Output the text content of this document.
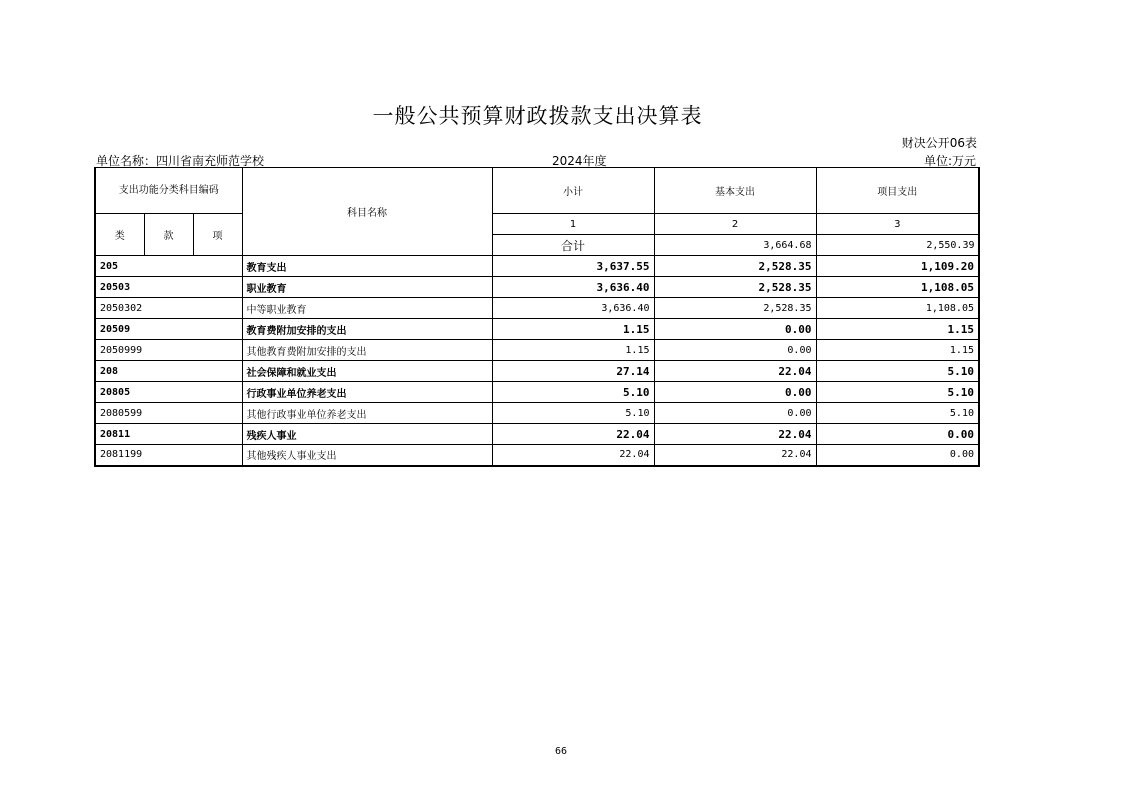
一般公共预算财政拨款支出决算表
财决公开06表
单位名称：四川省南充师范学校	2024年度	单位:万元
支出功能分类科目编码			科目名称	小计	基本支出	项目支出	
类	款	项		1	2	3	
				合计	3,664.68	2,550.39	
205			教育支出	3,637.55	2,528.35	1,109.20	
20503			职业教育	3,636.40	2,528.35	1,108.05	
2050302			中等职业教育	3,636.40	2,528.35	1,108.05	
20509			教育费附加安排的支出	1.15	0.00	1.15	
2050999			其他教育费附加安排的支出	1.15	0.00	1.15	
208			社会保障和就业支出	27.14	22.04	5.10	
20805			行政事业单位养老支出	5.10	0.00	5.10	
2080599			其他行政事业单位养老支出	5.10	0.00	5.10	
20811			残疾人事业	22.04	22.04	0.00	
2081199			其他残疾人事业支出	22.04	22.04	0.00	
66
